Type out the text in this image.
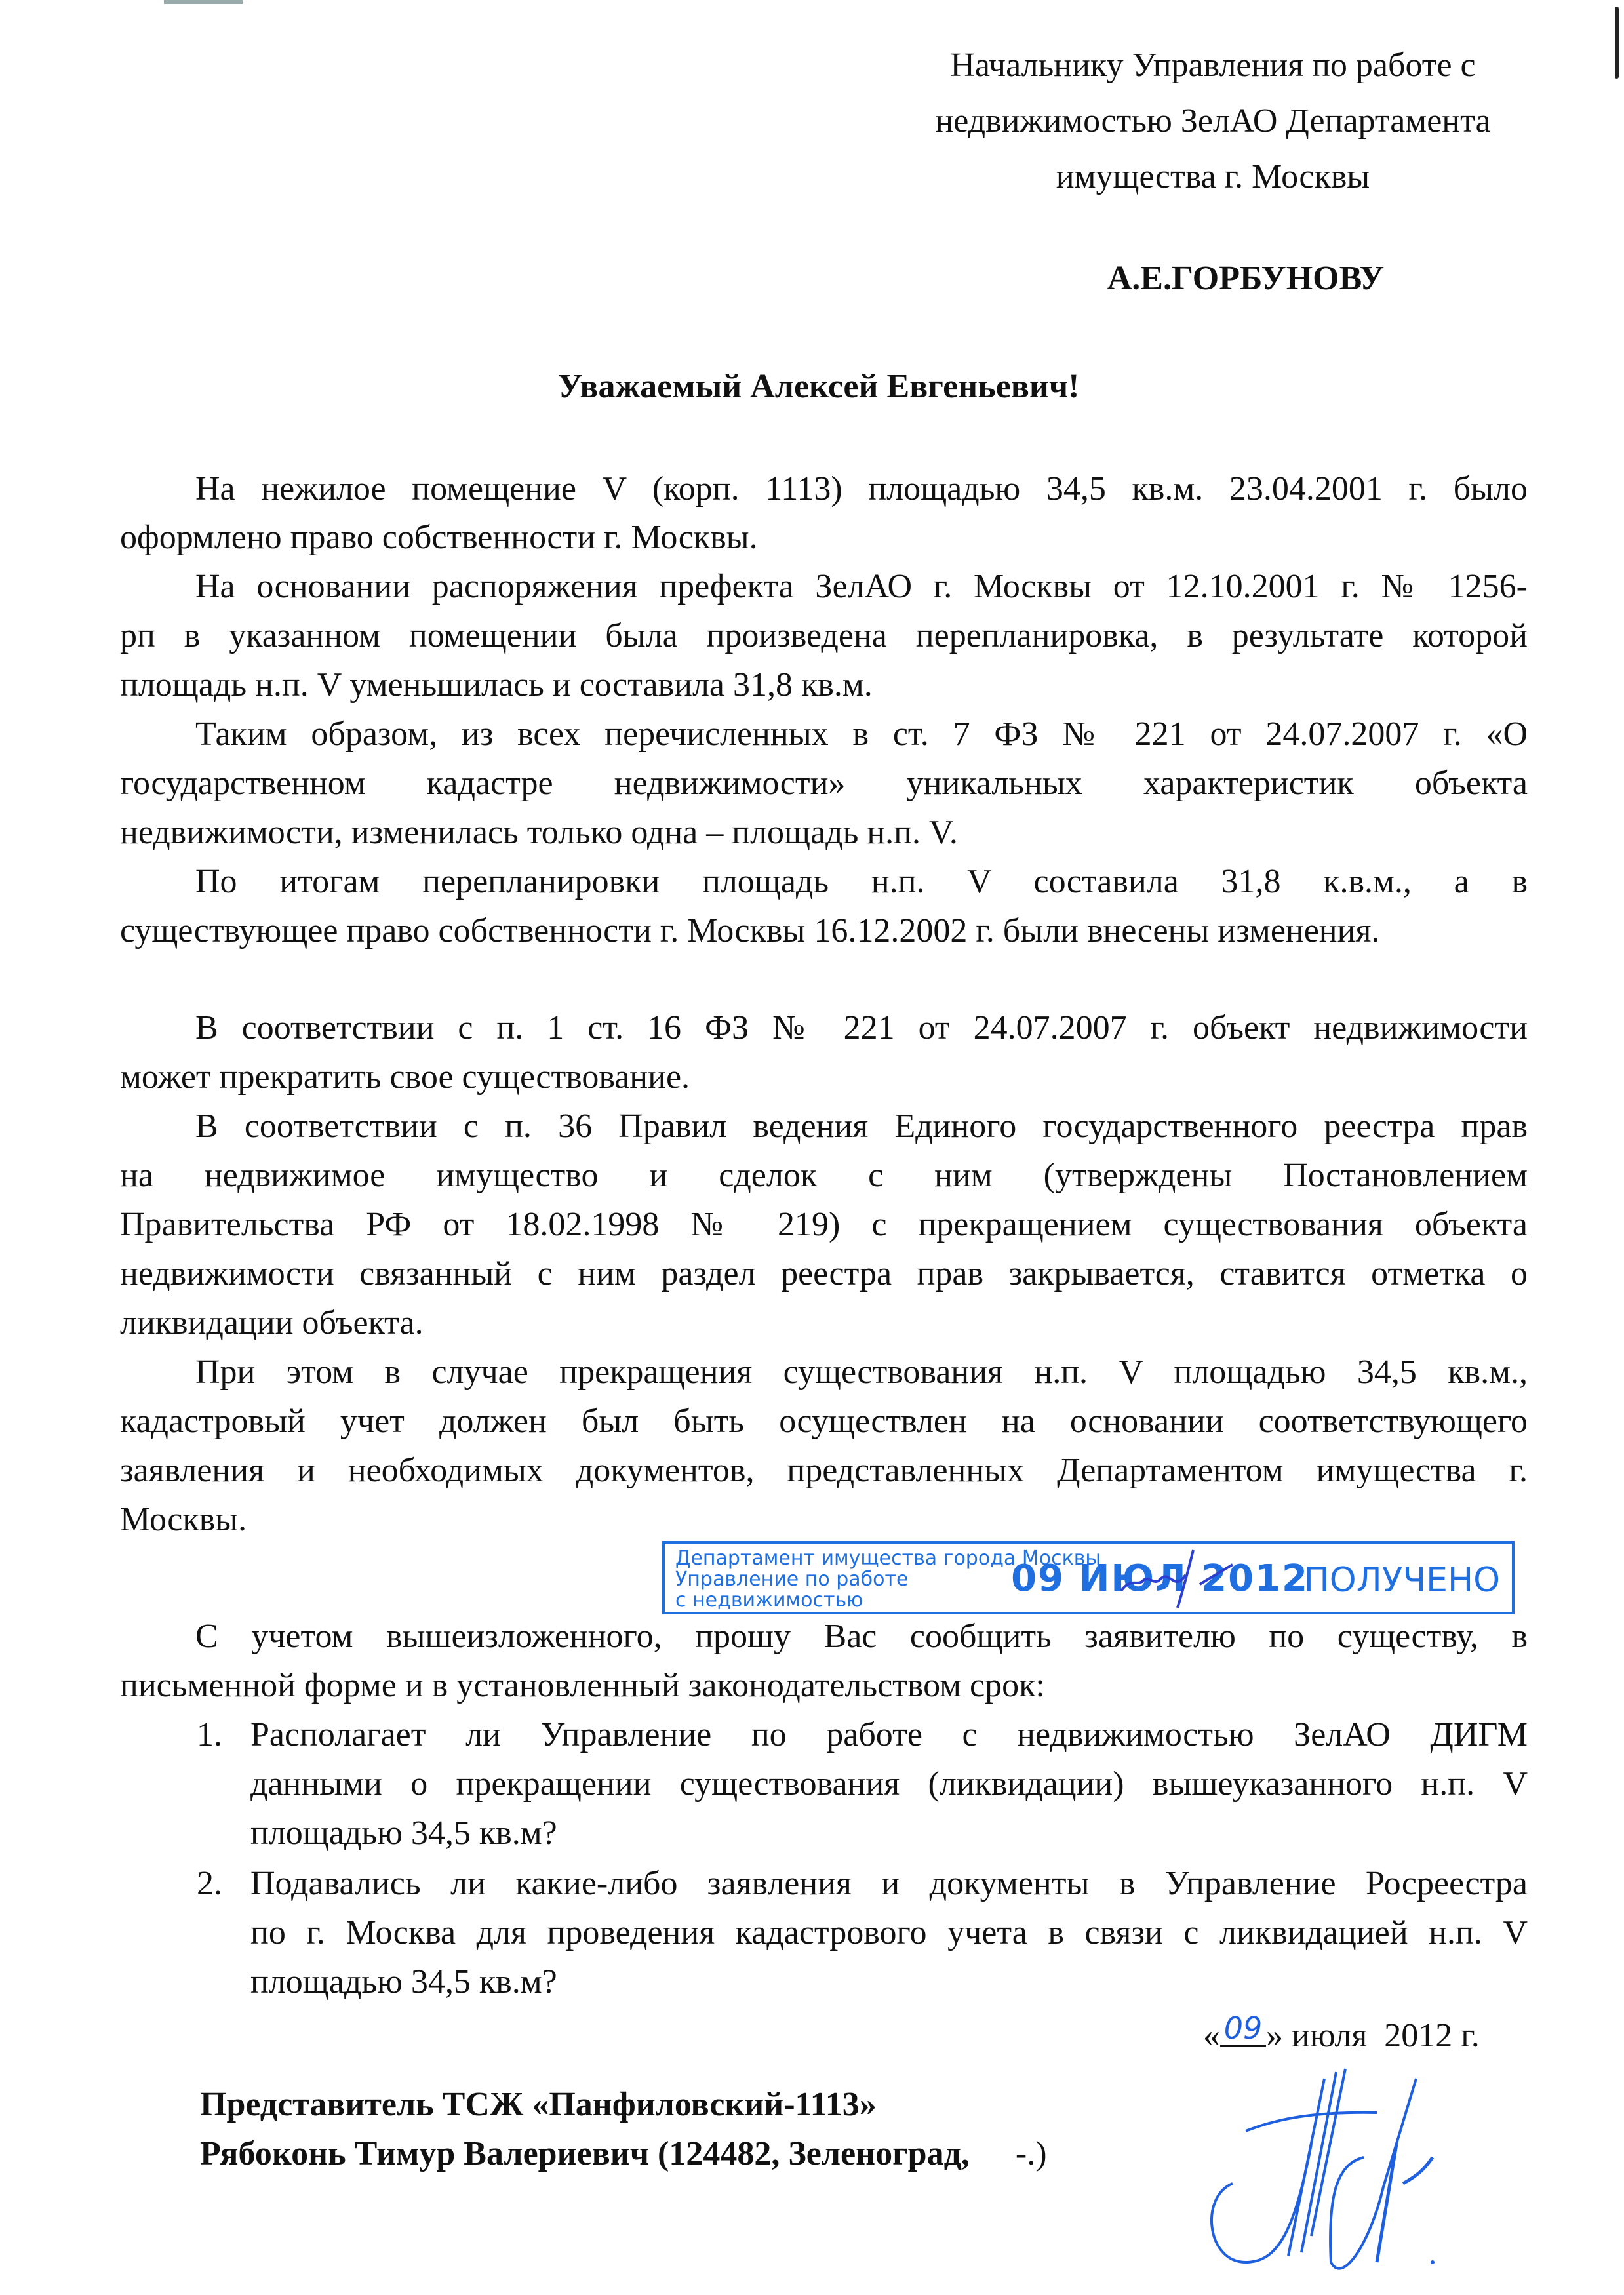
Начальнику Управления по работе с
недвижимостью ЗелАО Департамента
имущества г. Москвы
А.Е.ГОРБУНОВУ
Уважаемый Алексей Евгеньевич!
На нежилое помещение V (корп. 1113) площадью 34,5 кв.м. 23.04.2001 г. было
оформлено право собственности г. Москвы.
На основании распоряжения префекта ЗелАО г. Москвы от 12.10.2001 г. № 1256-
рп в указанном помещении была произведена перепланировка, в результате которой
площадь н.п. V уменьшилась и составила 31,8 кв.м.
Таким образом, из всех перечисленных в ст. 7 ФЗ № 221 от 24.07.2007 г. «О
государственном кадастре недвижимости» уникальных характеристик объекта
недвижимости, изменилась только одна – площадь н.п. V.
По итогам перепланировки площадь н.п. V составила 31,8 к.в.м., а в
существующее право собственности г. Москвы 16.12.2002 г. были внесены изменения.
В соответствии с п. 1 ст. 16 ФЗ № 221 от 24.07.2007 г. объект недвижимости
может прекратить свое существование.
В соответствии с п. 36 Правил ведения Единого государственного реестра прав
на недвижимое имущество и сделок с ним (утверждены Постановлением
Правительства РФ от 18.02.1998 № 219) с прекращением существования объекта
недвижимости связанный с ним раздел реестра прав закрывается, ставится отметка о
ликвидации объекта.
При этом в случае прекращения существования н.п. V площадью 34,5 кв.м.,
кадастровый учет должен был быть осуществлен на основании соответствующего
заявления и необходимых документов, представленных Департаментом имущества г.
Москвы.
Департамент имущества города Москвы
Управление по работе
с недвижимостью
09 ИЮЛ 2012
ПОЛУЧЕНО
С учетом вышеизложенного, прошу Вас сообщить заявителю по существу, в
письменной форме и в установленный законодательством срок:
1. Располагает ли Управление по работе с недвижимостью ЗелАО ДИГМ
данными о прекращении существования (ликвидации) вышеуказанного н.п. V
площадью 34,5 кв.м?
2. Подавались ли какие-либо заявления и документы в Управление Росреестра
по г. Москва для проведения кадастрового учета в связи с ликвидацией н.п. V
площадью 34,5 кв.м?
« 09 » июля  2012 г.
Представитель ТСЖ «Панфиловский-1113»
Рябоконь Тимур Валериевич (124482, Зеленоград, -.)
